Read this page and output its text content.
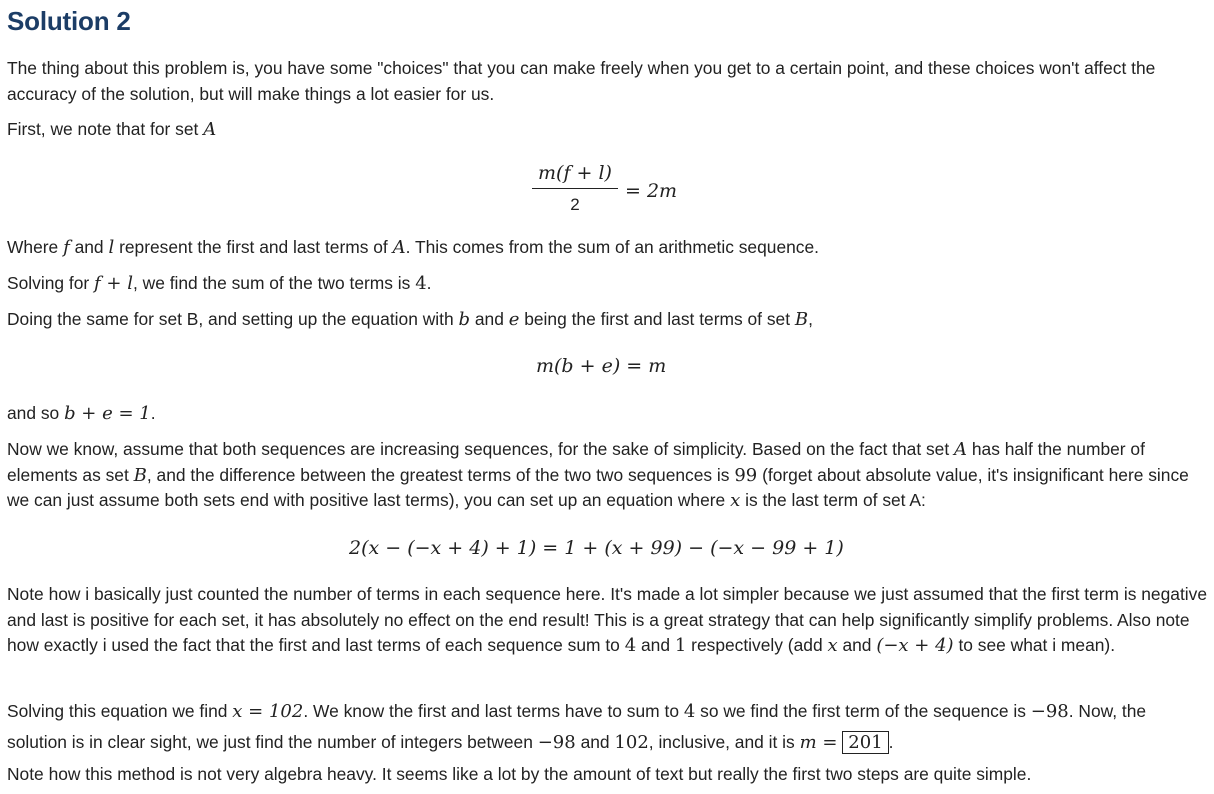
Solution 2

The thing about this problem is, you have some "choices" that you can make freely when you get to a certain point, and these choices won't affect the accuracy of the solution, but will make things a lot easier for us.

First, we note that for set A

m(f + l)
2
= 2m

Where f and l represent the first and last terms of A. This comes from the sum of an arithmetic sequence.

Solving for f + l, we find the sum of the two terms is 4.

Doing the same for set B, and setting up the equation with b and e being the first and last terms of set B,

m(b + e) = m

and so b + e = 1.

Now we know, assume that both sequences are increasing sequences, for the sake of simplicity. Based on the fact that set A has half the number of elements as set B, and the difference between the greatest terms of the two two sequences is 99 (forget about absolute value, it's insignificant here since we can just assume both sets end with positive last terms), you can set up an equation where x is the last term of set A:

2(x − (−x + 4) + 1) = 1 + (x + 99) − (−x − 99 + 1)

Note how i basically just counted the number of terms in each sequence here. It's made a lot simpler because we just assumed that the first term is negative and last is positive for each set, it has absolutely no effect on the end result! This is a great strategy that can help significantly simplify problems. Also note how exactly i used the fact that the first and last terms of each sequence sum to 4 and 1 respectively (add x and (−x + 4) to see what i mean).

Solving this equation we find x = 102. We know the first and last terms have to sum to 4 so we find the first term of the sequence is −98. Now, the solution is in clear sight, we just find the number of integers between −98 and 102, inclusive, and it is m = 201 .

Note how this method is not very algebra heavy. It seems like a lot by the amount of text but really the first two steps are quite simple.
